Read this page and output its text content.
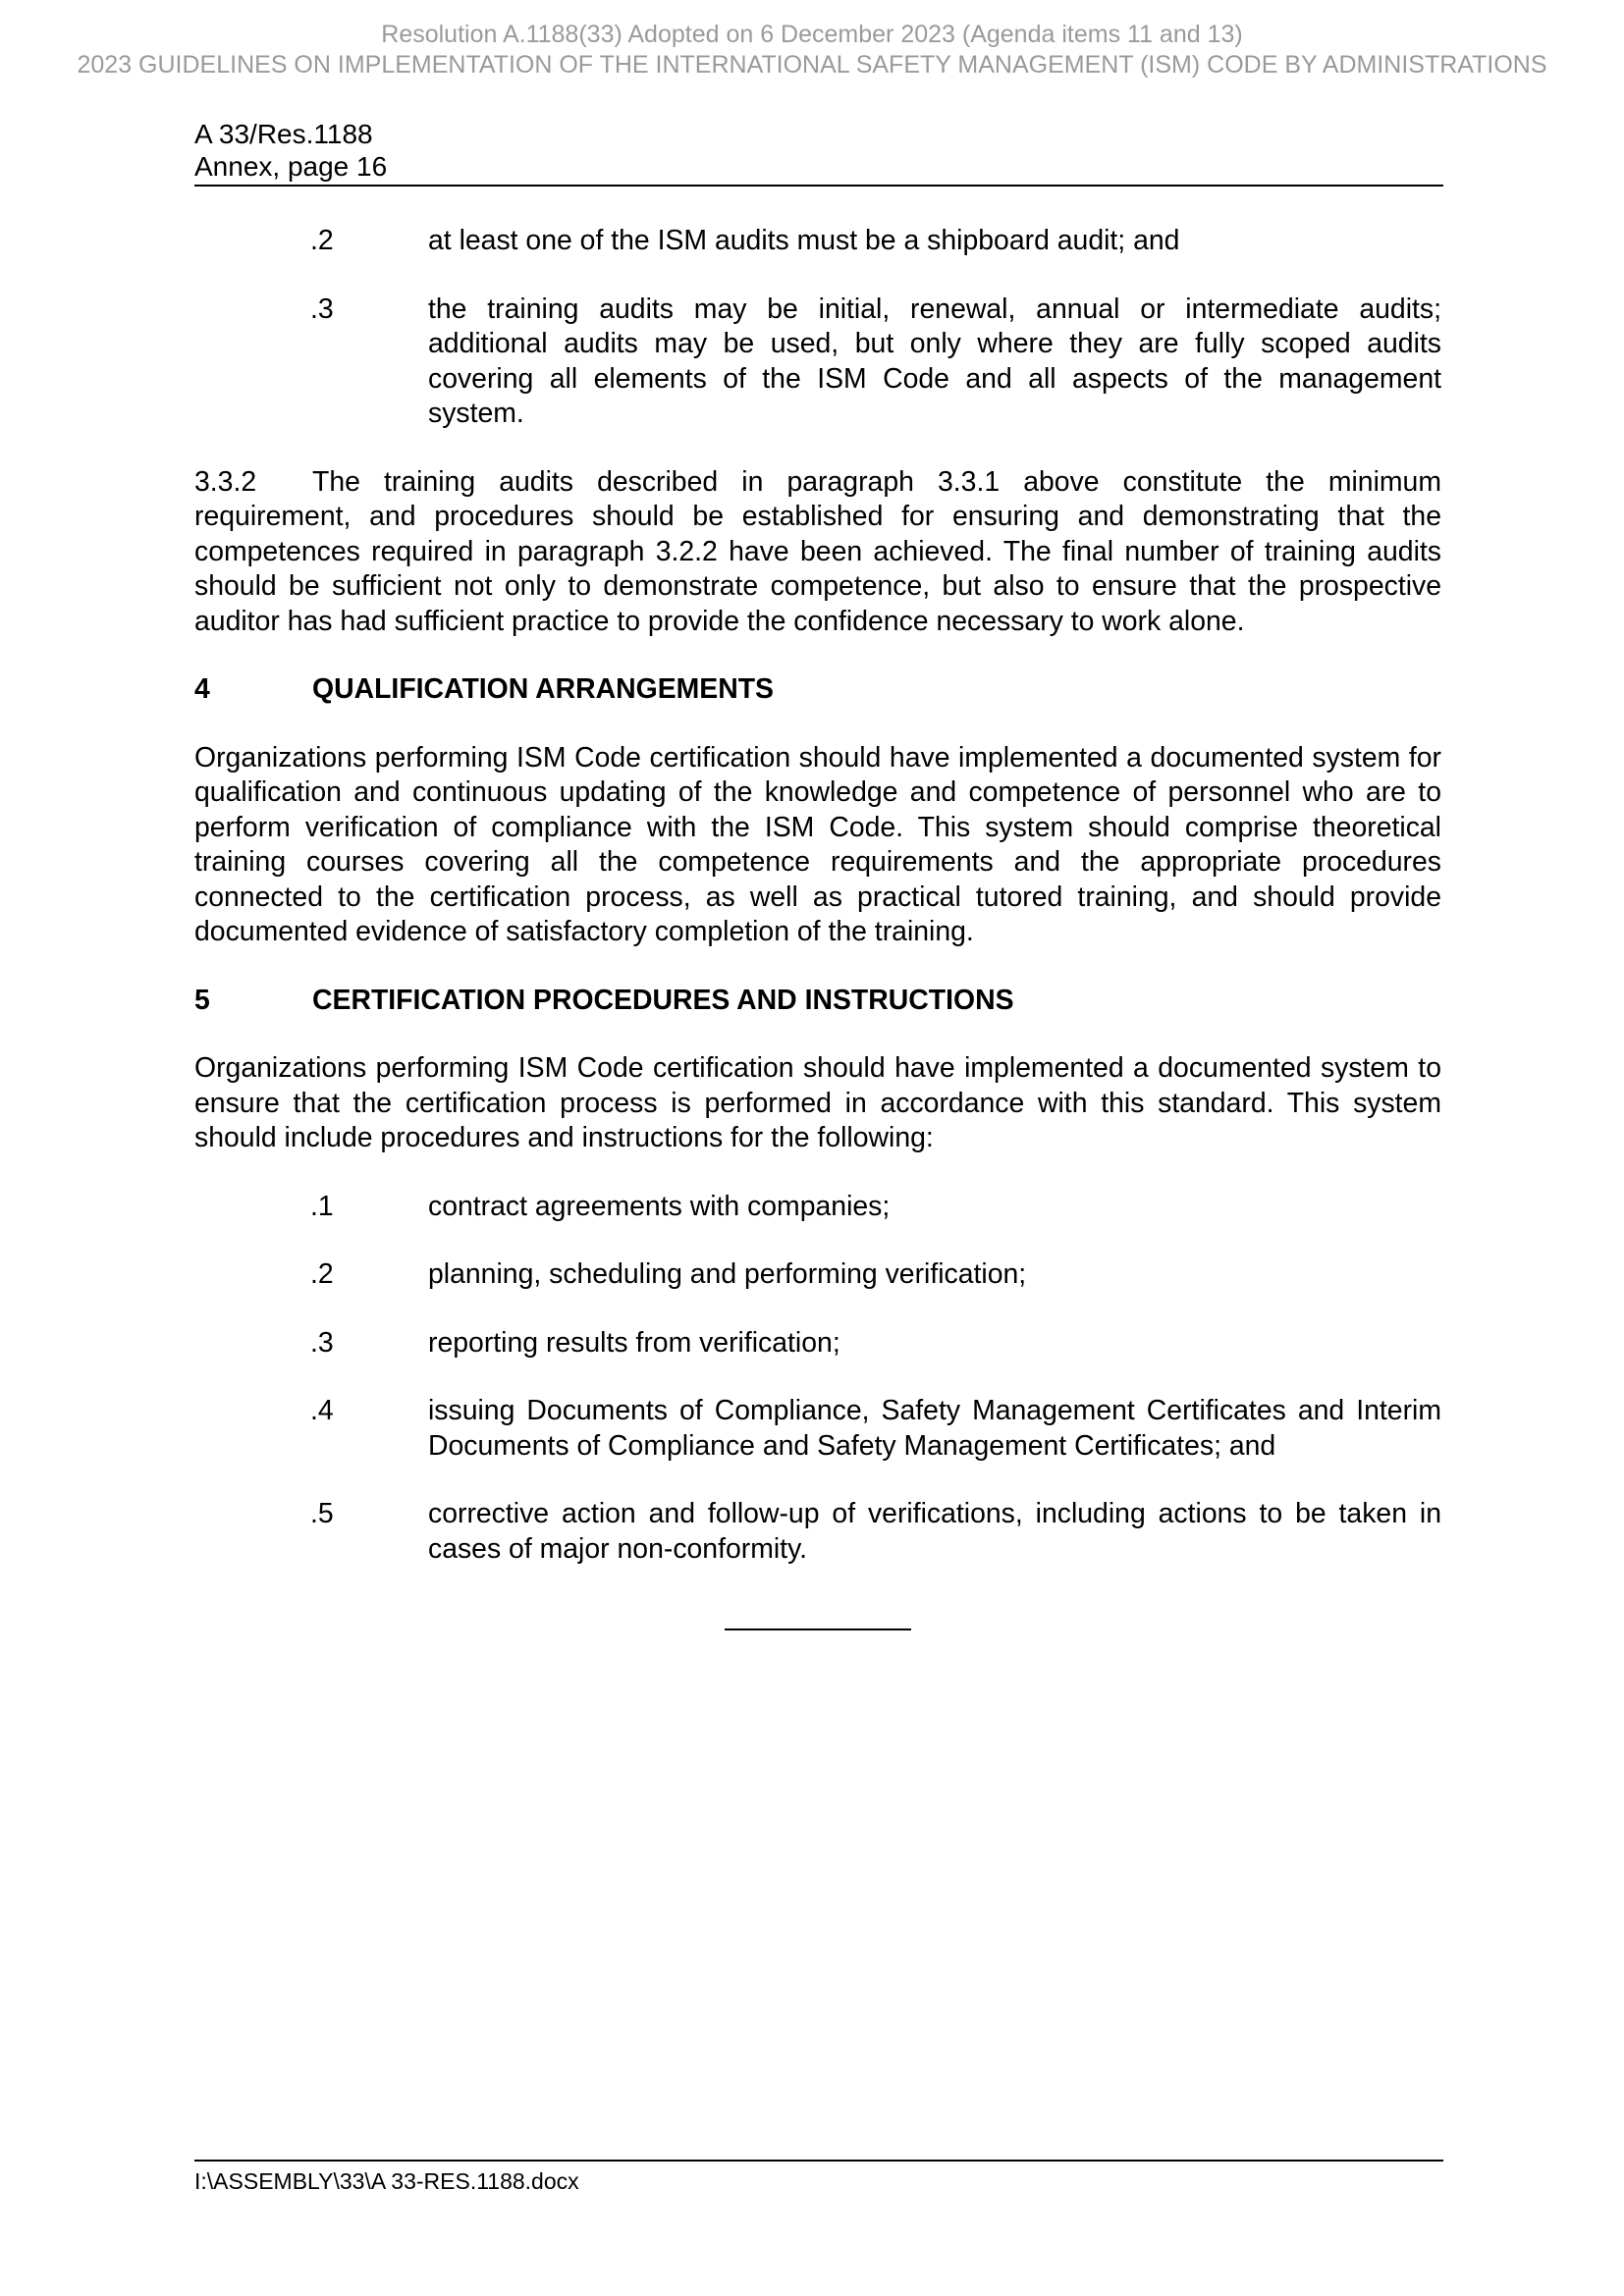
Resolution A.1188(33) Adopted on 6 December 2023 (Agenda items 11 and 13)
2023 GUIDELINES ON IMPLEMENTATION OF THE INTERNATIONAL SAFETY MANAGEMENT (ISM) CODE BY ADMINISTRATIONS
A 33/Res.1188
Annex, page 16
.2	at least one of the ISM audits must be a shipboard audit; and
.3	the training audits may be initial, renewal, annual or intermediate audits; additional audits may be used, but only where they are fully scoped audits covering all elements of the ISM Code and all aspects of the management system.

3.3.2 The training audits described in paragraph 3.3.1 above constitute the minimum requirement, and procedures should be established for ensuring and demonstrating that the competences required in paragraph 3.2.2 have been achieved. The final number of training audits should be sufficient not only to demonstrate competence, but also to ensure that the prospective auditor has had sufficient practice to provide the confidence necessary to work alone.

4	QUALIFICATION ARRANGEMENTS

Organizations performing ISM Code certification should have implemented a documented system for qualification and continuous updating of the knowledge and competence of personnel who are to perform verification of compliance with the ISM Code. This system should comprise theoretical training courses covering all the competence requirements and the appropriate procedures connected to the certification process, as well as practical tutored training, and should provide documented evidence of satisfactory completion of the training.

5	CERTIFICATION PROCEDURES AND INSTRUCTIONS

Organizations performing ISM Code certification should have implemented a documented system to ensure that the certification process is performed in accordance with this standard. This system should include procedures and instructions for the following:

.1	contract agreements with companies;
.2	planning, scheduling and performing verification;
.3	reporting results from verification;
.4	issuing Documents of Compliance, Safety Management Certificates and Interim Documents of Compliance and Safety Management Certificates; and
.5	corrective action and follow-up of verifications, including actions to be taken in cases of major non-conformity.
I:\ASSEMBLY\33\A 33-RES.1188.docx
